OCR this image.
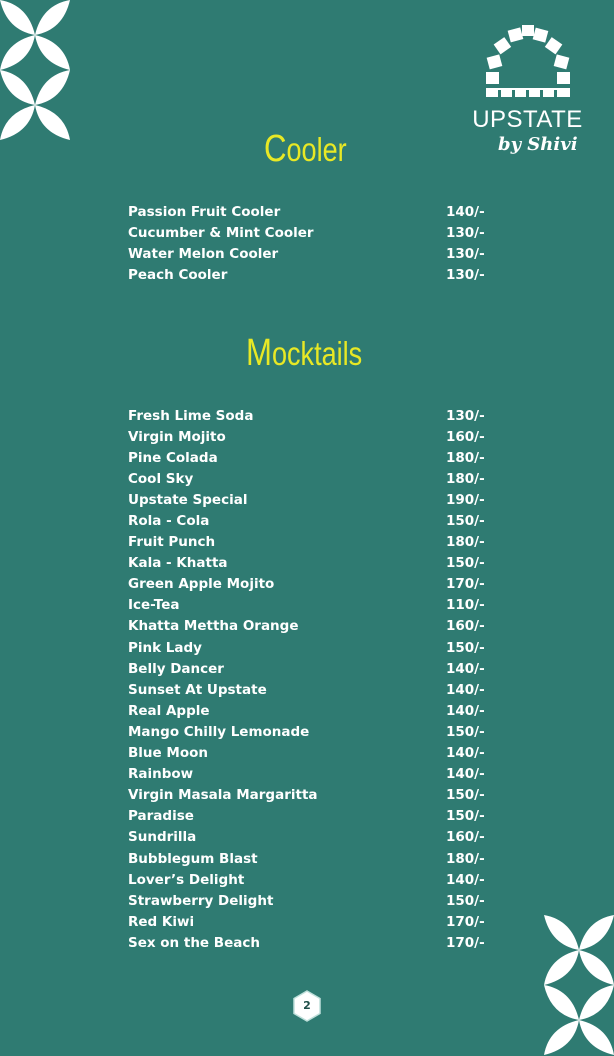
UPSTATE
by Shivi
Cooler
Passion Fruit Cooler	140/-
Cucumber & Mint Cooler	130/-
Water Melon Cooler	130/-
Peach Cooler	130/-
Mocktails
Fresh Lime Soda	130/-
Virgin Mojito	160/-
Pine Colada	180/-
Cool Sky	180/-
Upstate Special	190/-
Rola - Cola	150/-
Fruit Punch	180/-
Kala - Khatta	150/-
Green Apple Mojito	170/-
Ice-Tea	110/-
Khatta Mettha Orange	160/-
Pink Lady	150/-
Belly Dancer	140/-
Sunset At Upstate	140/-
Real Apple	140/-
Mango Chilly Lemonade	150/-
Blue Moon	140/-
Rainbow	140/-
Virgin Masala Margaritta	150/-
Paradise	150/-
Sundrilla	160/-
Bubblegum Blast	180/-
Lover’s Delight	140/-
Strawberry Delight	150/-
Red Kiwi	170/-
Sex on the Beach	170/-
2
